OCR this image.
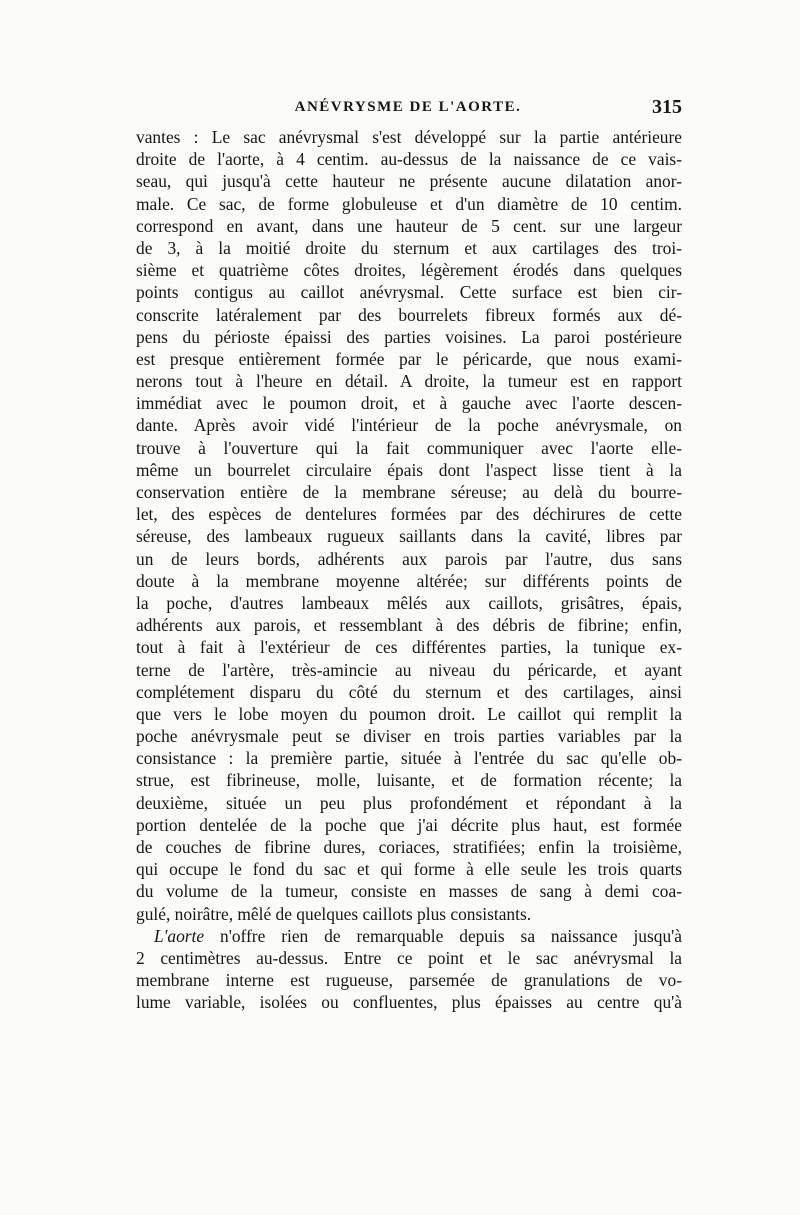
ANÉVRYSME DE L'AORTE.	315
vantes : Le sac anévrysmal s'est développé sur la partie antérieure
droite de l'aorte, à 4 centim. au-dessus de la naissance de ce vais-
seau, qui jusqu'à cette hauteur ne présente aucune dilatation anor-
male. Ce sac, de forme globuleuse et d'un diamètre de 10 centim.
correspond en avant, dans une hauteur de 5 cent. sur une largeur
de 3, à la moitié droite du sternum et aux cartilages des troi-
sième et quatrième côtes droites, légèrement érodés dans quelques
points contigus au caillot anévrysmal. Cette surface est bien cir-
conscrite latéralement par des bourrelets fibreux formés aux dé-
pens du périoste épaissi des parties voisines. La paroi postérieure
est presque entièrement formée par le péricarde, que nous exami-
nerons tout à l'heure en détail. A droite, la tumeur est en rapport
immédiat avec le poumon droit, et à gauche avec l'aorte descen-
dante. Après avoir vidé l'intérieur de la poche anévrysmale, on
trouve à l'ouverture qui la fait communiquer avec l'aorte elle-
même un bourrelet circulaire épais dont l'aspect lisse tient à la
conservation entière de la membrane séreuse; au delà du bourre-
let, des espèces de dentelures formées par des déchirures de cette
séreuse, des lambeaux rugueux saillants dans la cavité, libres par
un de leurs bords, adhérents aux parois par l'autre, dus sans
doute à la membrane moyenne altérée; sur différents points de
la poche, d'autres lambeaux mêlés aux caillots, grisâtres, épais,
adhérents aux parois, et ressemblant à des débris de fibrine; enfin,
tout à fait à l'extérieur de ces différentes parties, la tunique ex-
terne de l'artère, très-amincie au niveau du péricarde, et ayant
complétement disparu du côté du sternum et des cartilages, ainsi
que vers le lobe moyen du poumon droit. Le caillot qui remplit la
poche anévrysmale peut se diviser en trois parties variables par la
consistance : la première partie, située à l'entrée du sac qu'elle ob-
strue, est fibrineuse, molle, luisante, et de formation récente; la
deuxième, située un peu plus profondément et répondant à la
portion dentelée de la poche que j'ai décrite plus haut, est formée
de couches de fibrine dures, coriaces, stratifiées; enfin la troisième,
qui occupe le fond du sac et qui forme à elle seule les trois quarts
du volume de la tumeur, consiste en masses de sang à demi coa-
gulé, noirâtre, mêlé de quelques caillots plus consistants.
L'aorte n'offre rien de remarquable depuis sa naissance jusqu'à
2 centimètres au-dessus. Entre ce point et le sac anévrysmal la
membrane interne est rugueuse, parsemée de granulations de vo-
lume variable, isolées ou confluentes, plus épaisses au centre qu'à
